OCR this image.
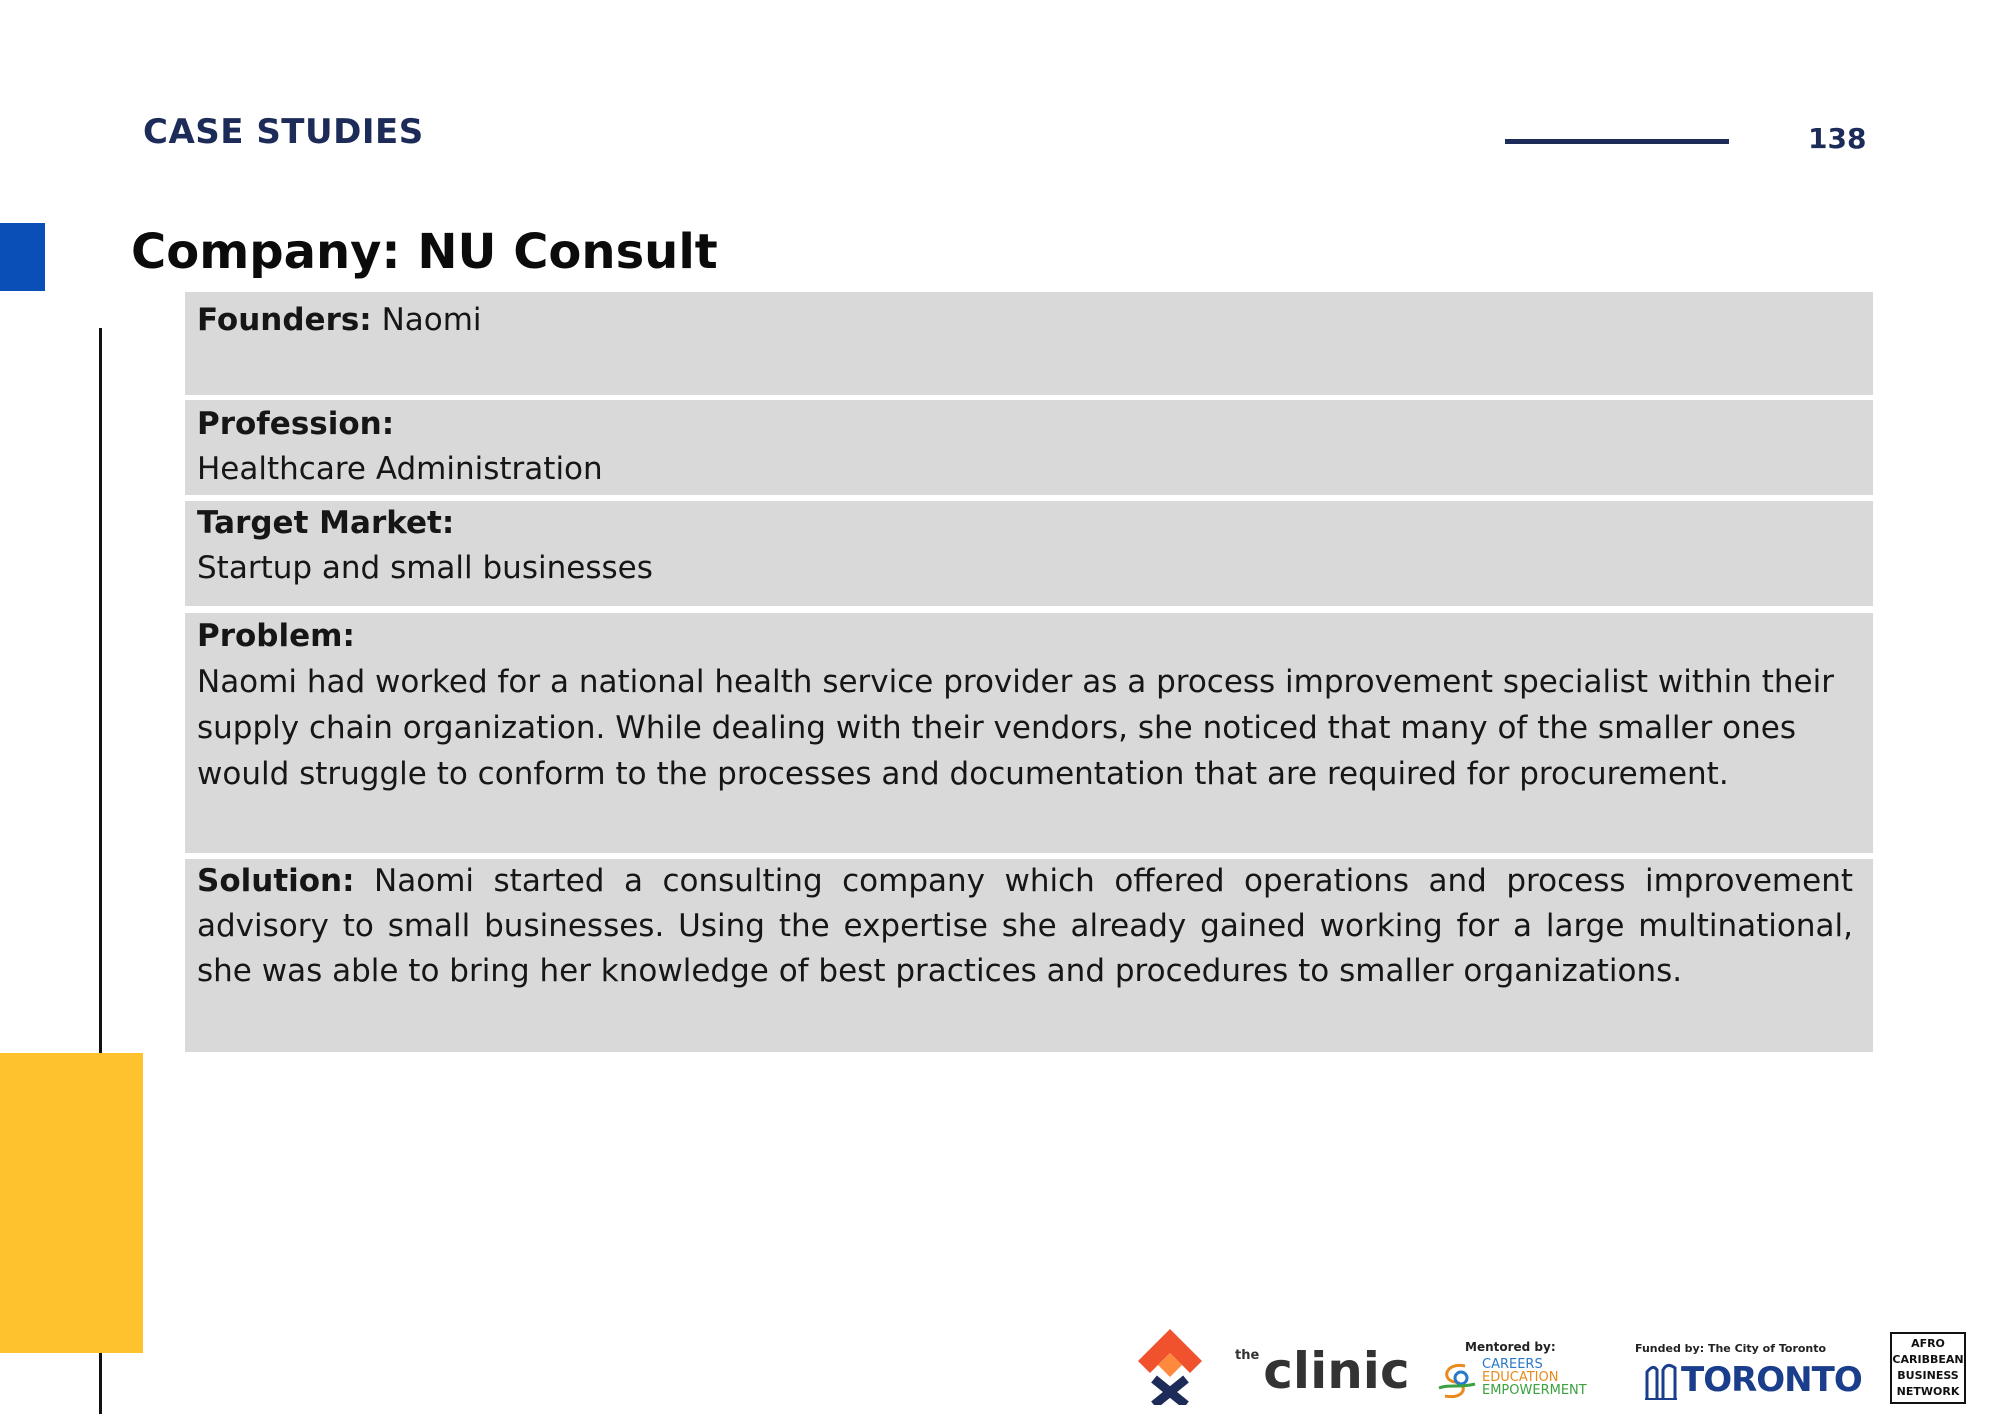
CASE STUDIES	138
Company: NU Consult
Founders: Naomi
Profession:
Healthcare Administration
Target Market:
Startup and small businesses
Problem:
Naomi had worked for a national health service provider as a process improvement specialist within their supply chain organization. While dealing with their vendors, she noticed that many of the smaller ones would struggle to conform to the processes and documentation that are required for procurement.
Solution: Naomi started a consulting company which offered operations and process improvement advisory to small businesses. Using the expertise she already gained working for a large multinational, she was able to bring her knowledge of best practices and procedures to smaller organizations.
$^{the}$clinic	Mentored by:
CAREERS
EDUCATION
EMPOWERMENT
Funded by: The City of Toronto
TORONTO
AFRO
CARIBBEAN
BUSINESS
NETWORK
